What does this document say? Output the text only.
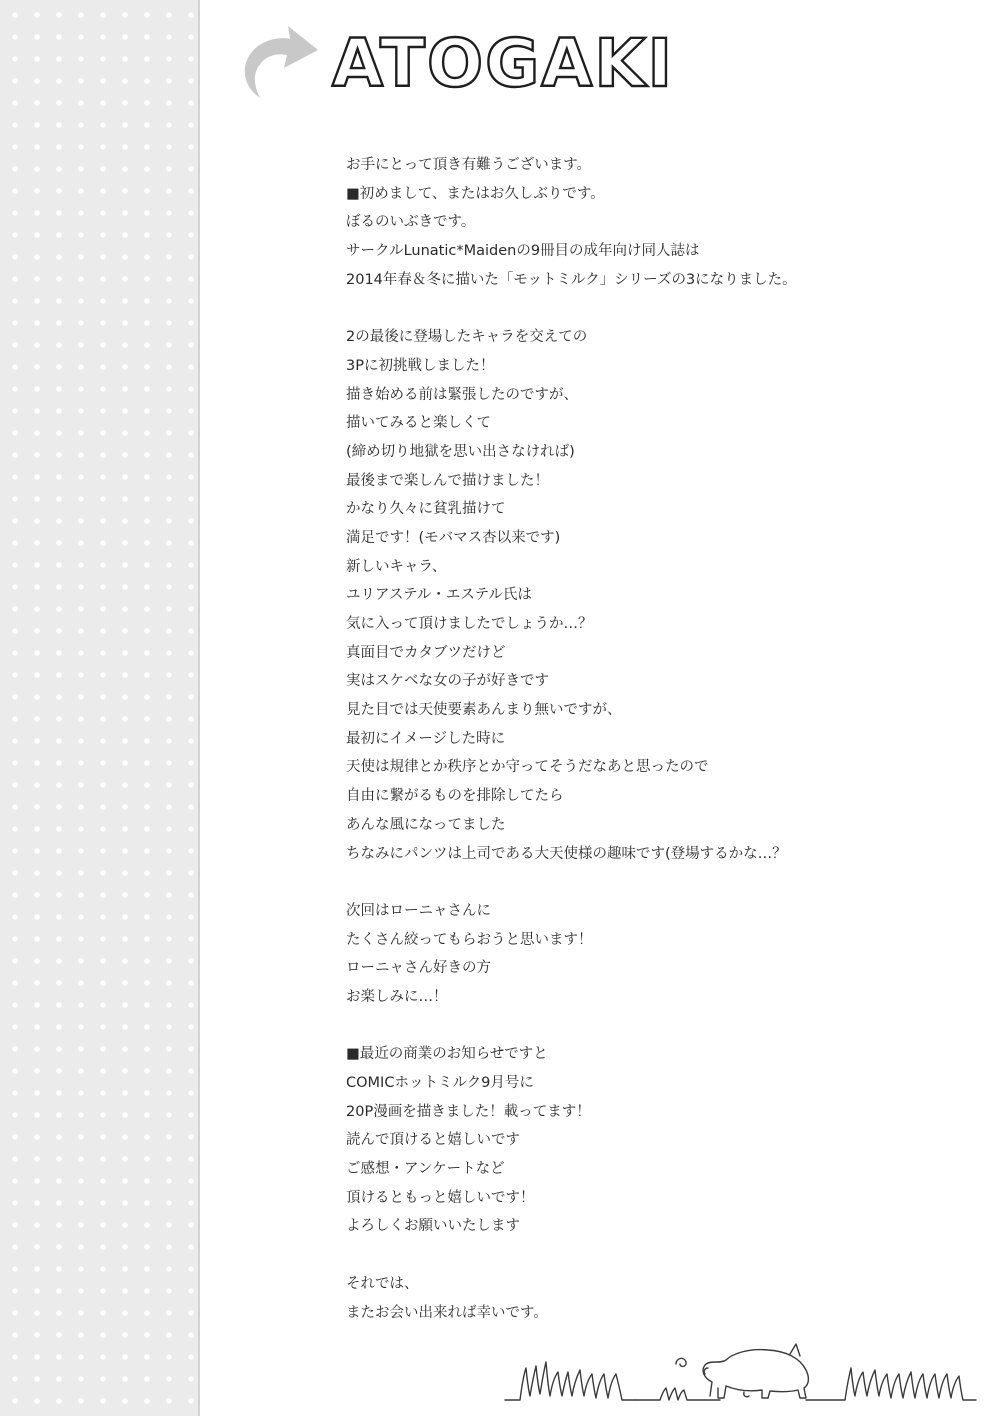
ATOGAKI
お手にとって頂き有難うございます。
■初めまして、またはお久しぶりです。
ぼるのいぶきです。
サークルLunatic*Maidenの9冊目の成年向け同人誌は
2014年春＆冬に描いた「モットミルク」シリーズの3になりました。
2の最後に登場したキャラを交えての
3Pに初挑戦しました！
描き始める前は緊張したのですが、
描いてみると楽しくて
(締め切り地獄を思い出さなければ)
最後まで楽しんで描けました！
かなり久々に貧乳描けて
満足です！(モバマス杏以来です)
新しいキャラ、
ユリアステル・エステル氏は
気に入って頂けましたでしょうか…？
真面目でカタブツだけど
実はスケベな女の子が好きです
見た目では天使要素あんまり無いですが、
最初にイメージした時に
天使は規律とか秩序とか守ってそうだなあと思ったので
自由に繋がるものを排除してたら
あんな風になってました
ちなみにパンツは上司である大天使様の趣味です(登場するかな…？
次回はローニャさんに
たくさん絞ってもらおうと思います！
ローニャさん好きの方
お楽しみに…！
■最近の商業のお知らせですと
COMICホットミルク9月号に
20P漫画を描きました！載ってます！
読んで頂けると嬉しいです
ご感想・アンケートなど
頂けるともっと嬉しいです！
よろしくお願いいたします
それでは、
またお会い出来れば幸いです。
